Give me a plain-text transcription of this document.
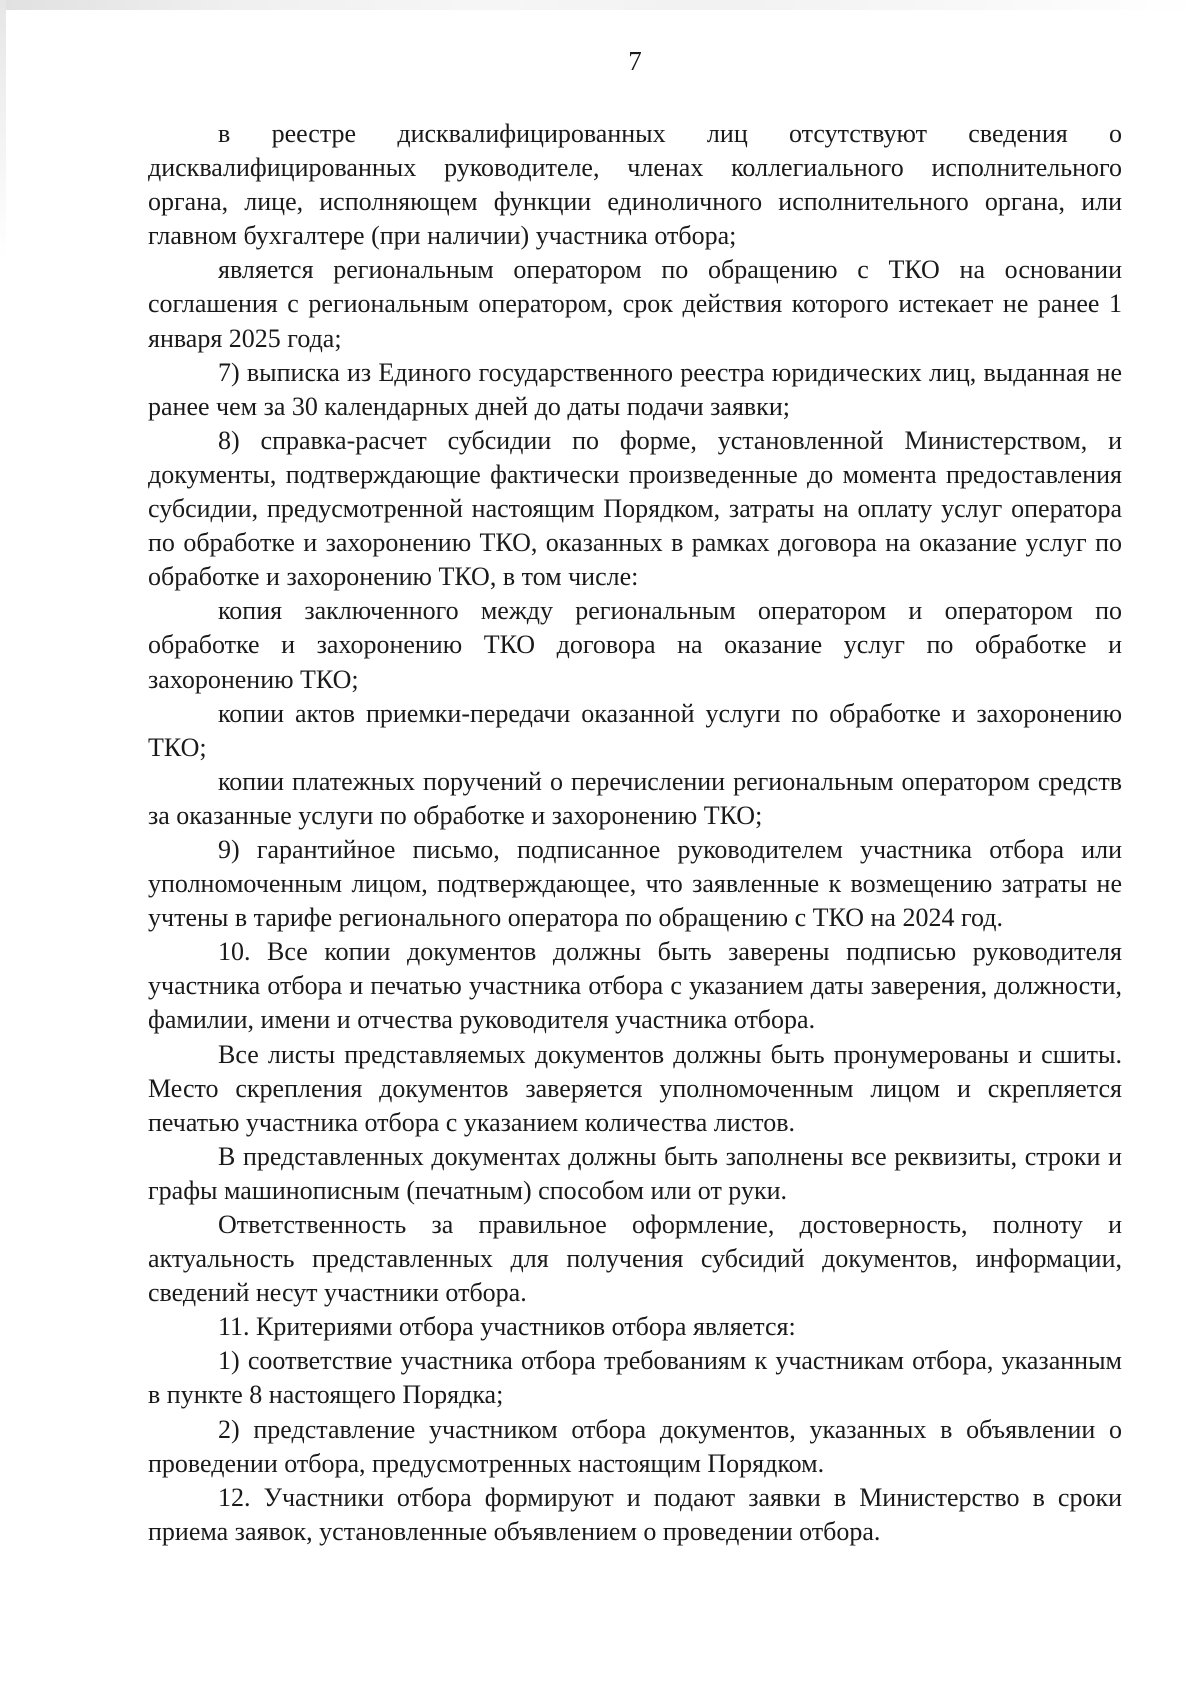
7

в реестре дисквалифицированных лиц отсутствуют сведения о дисквалифицированных руководителе, членах коллегиального исполнительного органа, лице, исполняющем функции единоличного исполнительного органа, или главном бухгалтере (при наличии) участника отбора;

является региональным оператором по обращению с ТКО на основании соглашения с региональным оператором, срок действия которого истекает не ранее 1 января 2025 года;

7) выписка из Единого государственного реестра юридических лиц, выданная не ранее чем за 30 календарных дней до даты подачи заявки;

8) справка-расчет субсидии по форме, установленной Министерством, и документы, подтверждающие фактически произведенные до момента предоставления субсидии, предусмотренной настоящим Порядком, затраты на оплату услуг оператора по обработке и захоронению ТКО, оказанных в рамках договора на оказание услуг по обработке и захоронению ТКО, в том числе:

копия заключенного между региональным оператором и оператором по обработке и захоронению ТКО договора на оказание услуг по обработке и захоронению ТКО;

копии актов приемки-передачи оказанной услуги по обработке и захоронению ТКО;

копии платежных поручений о перечислении региональным оператором средств за оказанные услуги по обработке и захоронению ТКО;

9) гарантийное письмо, подписанное руководителем участника отбора или уполномоченным лицом, подтверждающее, что заявленные к возмещению затраты не учтены в тарифе регионального оператора по обращению с ТКО на 2024 год.

10. Все копии документов должны быть заверены подписью руководителя участника отбора и печатью участника отбора с указанием даты заверения, должности, фамилии, имени и отчества руководителя участника отбора.

Все листы представляемых документов должны быть пронумерованы и сшиты. Место скрепления документов заверяется уполномоченным лицом и скрепляется печатью участника отбора с указанием количества листов.

В представленных документах должны быть заполнены все реквизиты, строки и графы машинописным (печатным) способом или от руки.

Ответственность за правильное оформление, достоверность, полноту и актуальность представленных для получения субсидий документов, информации, сведений несут участники отбора.

11. Критериями отбора участников отбора является:

1) соответствие участника отбора требованиям к участникам отбора, указанным в пункте 8 настоящего Порядка;

2) представление участником отбора документов, указанных в объявлении о проведении отбора, предусмотренных настоящим Порядком.

12. Участники отбора формируют и подают заявки в Министерство в сроки приема заявок, установленные объявлением о проведении отбора.
